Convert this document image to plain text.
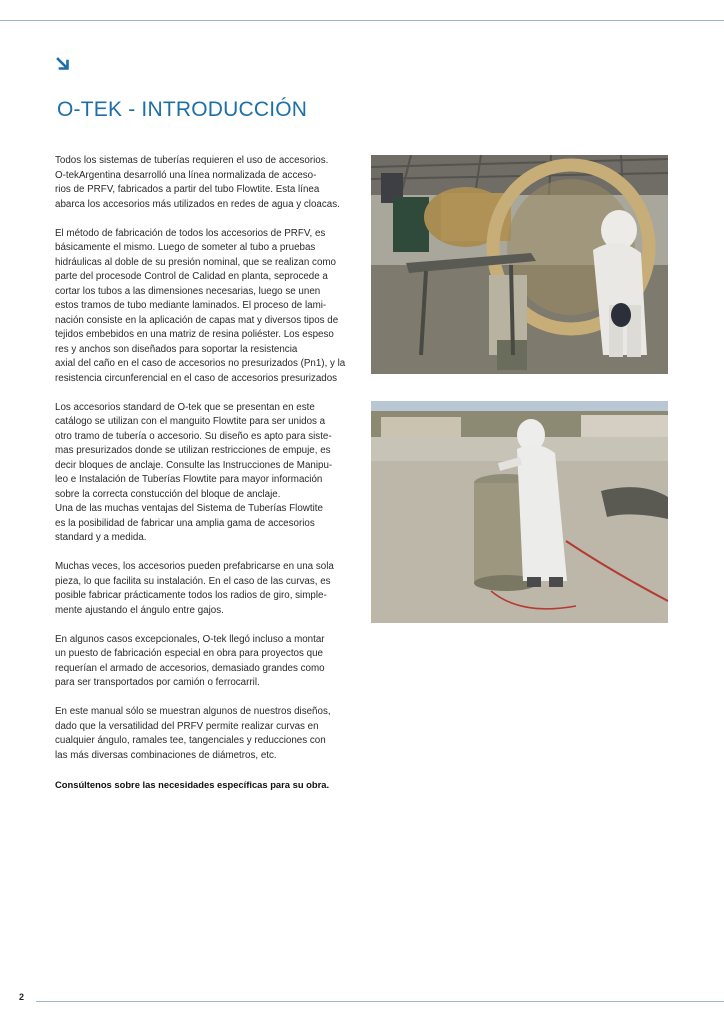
O-TEK - INTRODUCCIÓN

Todos los sistemas de tuberías requieren el uso de accesorios.
O-tekArgentina desarrolló una línea normalizada de acceso-
rios de PRFV, fabricados a partir del tubo Flowtite. Esta línea
abarca los accesorios más utilizados en redes de agua y cloacas.

El método de fabricación de todos los accesorios de PRFV, es
básicamente el mismo. Luego de someter al tubo a pruebas
hidráulicas al doble de su presión nominal, que se realizan como
parte del procesode Control de Calidad en planta, seprocede a
cortar los tubos a las dimensiones necesarias, luego se unen
estos tramos de tubo mediante laminados. El proceso de lami-
nación consiste en la aplicación de capas mat y diversos tipos de
tejidos embebidos en una matriz de resina poliéster. Los espeso
res y anchos son diseñados para soportar la resistencia
axial del caño en el caso de accesorios no presurizados (Pn1), y la
resistencia circunferencial en el caso de accesorios presurizados

Los accesorios standard de O-tek que se presentan en este
catálogo se utilizan con el manguito Flowtite para ser unidos a
otro tramo de tubería o accesorio. Su diseño es apto para siste-
mas presurizados donde se utilizan restricciones de empuje, es
decir bloques de anclaje. Consulte las Instrucciones de Manipu-
leo e Instalación de Tuberías Flowtite para mayor información
sobre la correcta constucción del bloque de anclaje.
Una de las muchas ventajas del Sistema de Tuberías Flowtite
es la posibilidad de fabricar una amplia gama de accesorios
standard y a medida.

Muchas veces, los accesorios pueden prefabricarse en una sola
pieza, lo que facilita su instalación. En el caso de las curvas, es
posible fabricar prácticamente todos los radios de giro, simple-
mente ajustando el ángulo entre gajos.

En algunos casos excepcionales, O-tek llegó incluso a montar
un puesto de fabricación especial en obra para proyectos que
requerían el armado de accesorios, demasiado grandes como
para ser transportados por camión o ferrocarril.

En este manual sólo se muestran algunos de nuestros diseños,
dado que la versatilidad del PRFV permite realizar curvas en
cualquier ángulo, ramales tee, tangenciales y reducciones con
las más diversas combinaciones de diámetros, etc.

Consúltenos sobre las necesidades específicas para su obra.

2
